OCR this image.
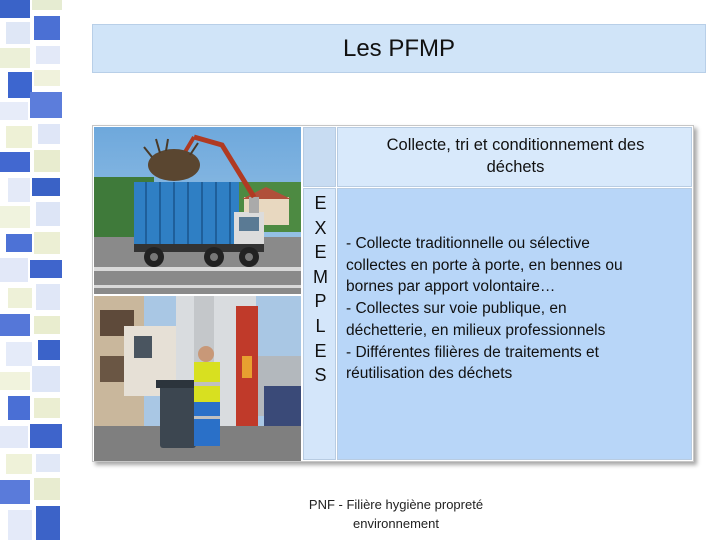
Les PFMP
Collecte, tri et conditionnement des
déchets
E
X
E
M
P
L
E
S
- Collecte traditionnelle ou sélective
collectes en porte à porte, en bennes ou
bornes par apport volontaire…
- Collectes sur voie publique, en
déchetterie, en milieux professionnels
- Différentes filières de traitements et
réutilisation des déchets
PNF - Filière hygiène propreté
environnement
